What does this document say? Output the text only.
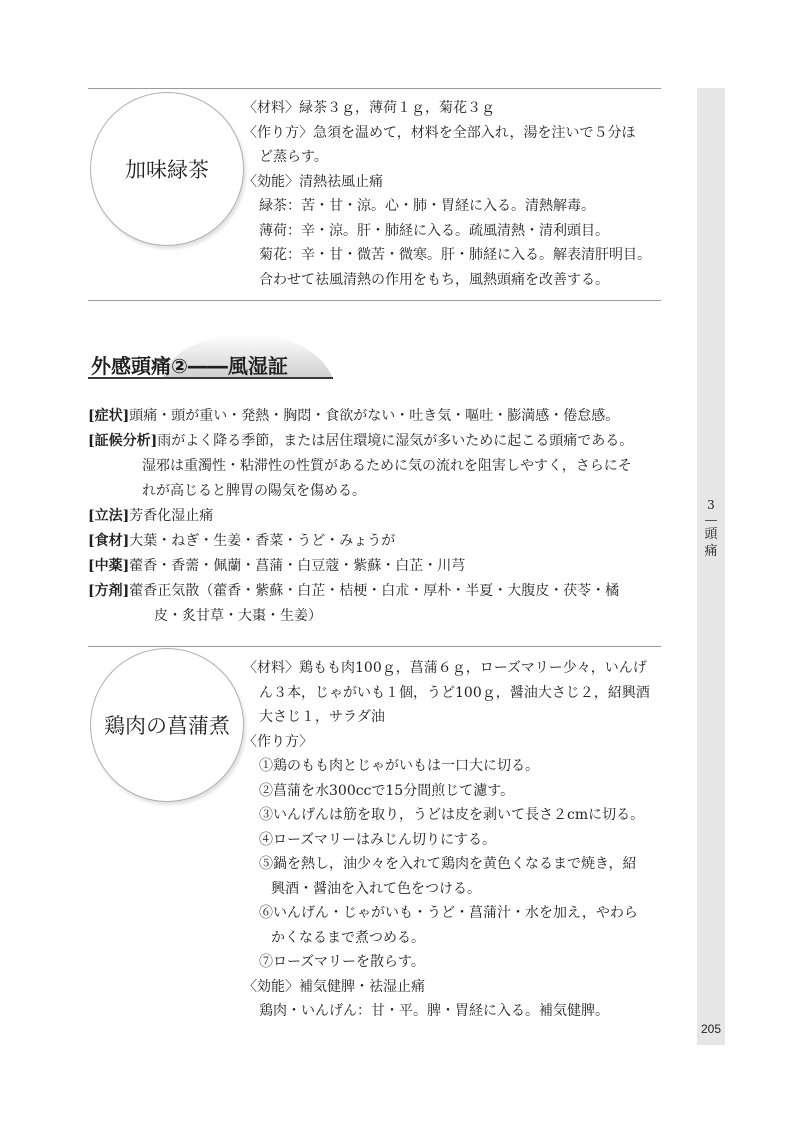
3
頭
痛
205
加味緑茶
〈材料〉緑茶３ｇ，薄荷１ｇ，菊花３ｇ
〈作り方〉急須を温めて，材料を全部入れ，湯を注いで５分ほ
ど蒸らす。
〈効能〉清熱祛風止痛
緑茶：苦・甘・涼。心・肺・胃経に入る。清熱解毒。
薄荷：辛・涼。肝・肺経に入る。疏風清熱・清利頭目。
菊花：辛・甘・微苦・微寒。肝・肺経に入る。解表清肝明目。
合わせて祛風清熱の作用をもち，風熱頭痛を改善する。
外感頭痛②――風湿証
[症状] 頭痛・頭が重い・発熱・胸悶・食欲がない・吐き気・嘔吐・膨満感・倦怠感。
[証候分析] 雨がよく降る季節，または居住環境に湿気が多いために起こる頭痛である。
湿邪は重濁性・粘滞性の性質があるために気の流れを阻害しやすく，さらにそ
れが高じると脾胃の陽気を傷める。
[立法] 芳香化湿止痛
[食材] 大葉・ねぎ・生姜・香菜・うど・みょうが
[中薬] 藿香・香薷・佩蘭・菖蒲・白豆蔻・紫蘇・白芷・川芎
[方剤] 藿香正気散（藿香・紫蘇・白芷・桔梗・白朮・厚朴・半夏・大腹皮・茯苓・橘
皮・炙甘草・大棗・生姜）
鶏肉の菖蒲煮
〈材料〉鶏もも肉100ｇ，菖蒲６ｇ，ローズマリー少々，いんげ
ん３本，じゃがいも１個，うど100ｇ，醤油大さじ２，紹興酒
大さじ１，サラダ油
〈作り方〉
①鶏のもも肉とじゃがいもは一口大に切る。
②菖蒲を水300ccで15分間煎じて濾す。
③いんげんは筋を取り，うどは皮を剥いて長さ２cmに切る。
④ローズマリーはみじん切りにする。
⑤鍋を熱し，油少々を入れて鶏肉を黄色くなるまで焼き，紹
興酒・醤油を入れて色をつける。
⑥いんげん・じゃがいも・うど・菖蒲汁・水を加え，やわら
かくなるまで煮つめる。
⑦ローズマリーを散らす。
〈効能〉補気健脾・祛湿止痛
鶏肉・いんげん：甘・平。脾・胃経に入る。補気健脾。
